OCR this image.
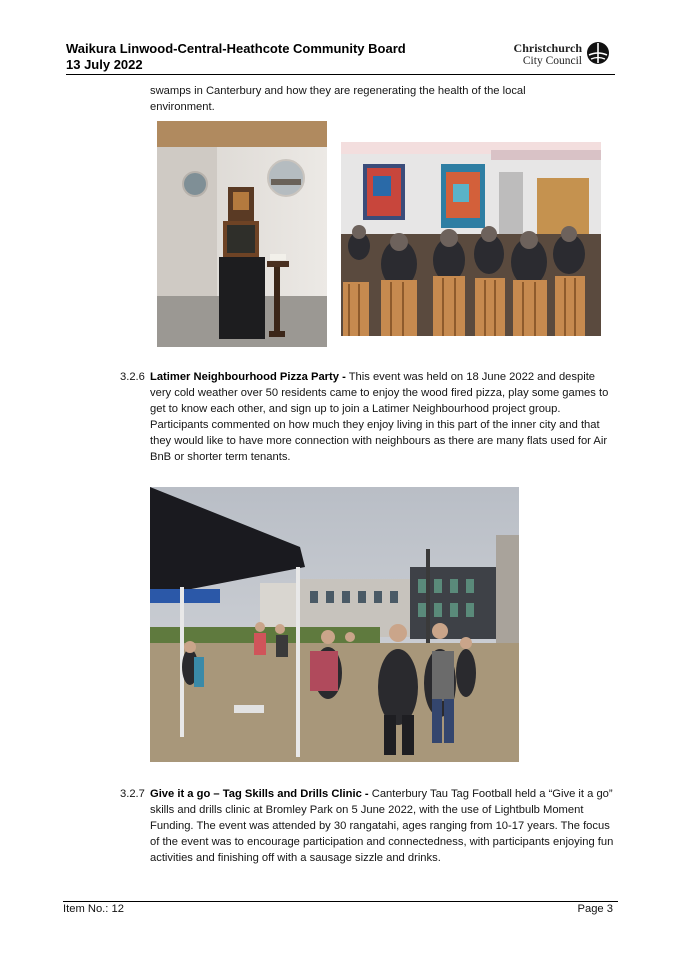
Waikura Linwood-Central-Heathcote Community Board
13 July 2022
Christchurch
City Council
swamps in Canterbury and how they are regenerating the health of the local environment.
3.2.6 Latimer Neighbourhood Pizza Party - This event was held on 18 June 2022 and despite very cold weather over 50 residents came to enjoy the wood fired pizza, play some games to get to know each other, and sign up to join a Latimer Neighbourhood project group. Participants commented on how much they enjoy living in this part of the inner city and that they would like to have more connection with neighbours as there are many flats used for Air BnB or shorter term tenants.
3.2.7 Give it a go – Tag Skills and Drills Clinic - Canterbury Tau Tag Football held a “Give it a go” skills and drills clinic at Bromley Park on 5 June 2022, with the use of Lightbulb Moment Funding. The event was attended by 30 rangatahi, ages ranging from 10-17 years. The focus of the event was to encourage participation and connectedness, with participants enjoying fun activities and finishing off with a sausage sizzle and drinks.
Item No.: 12	Page 3
